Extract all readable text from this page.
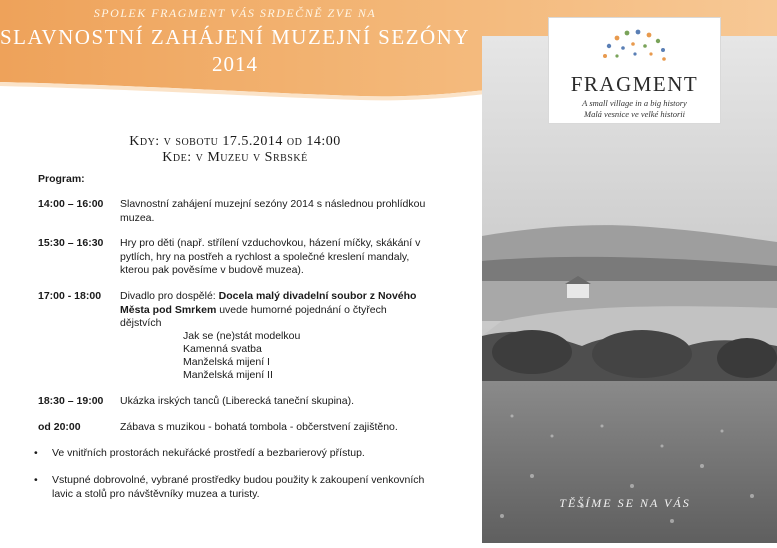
SPOLEK FRAGMENT VÁS SRDEČNĚ ZVE NA
SLAVNOSTNÍ ZAHÁJENÍ MUZEJNÍ SEZÓNY
2014
FRAGMENT
A small village in a big history
Malá vesnice ve velké historii
Kdy: v sobotu 17.5.2014 od 14:00
Kde: v Muzeu v Srbské
Program:
14:00 – 16:00 Slavnostní zahájení muzejní sezóny 2014 s následnou prohlídkou
muzea.
15:30 – 16:30 Hry pro děti (např. střílení vzduchovkou, házení míčky, skákání v
pytlích, hry na postřeh a rychlost a společné kreslení mandaly,
kterou pak pověsíme v budově muzea).
17:00 - 18:00 Divadlo pro dospělé: Docela malý divadelní soubor z Nového
Města pod Smrkem uvede humorné pojednání o čtyřech
dějstvích
Jak se (ne)stát modelkou
Kamenná svatba
Manželská mijení I
Manželská mijení II
18:30 – 19:00 Ukázka irských tanců (Liberecká taneční skupina).
od 20:00	Zábava s muzikou - bohatá tombola - občerstvení zajištěno.
• Ve vnitřních prostorách nekuřácké prostředí a bezbarierový přístup.
• Vstupné dobrovolné, vybrané prostředky budou použity k zakoupení venkovních
lavic a stolů pro návštěvníky muzea a turisty.
TĚŠÍME SE NA VÁS
